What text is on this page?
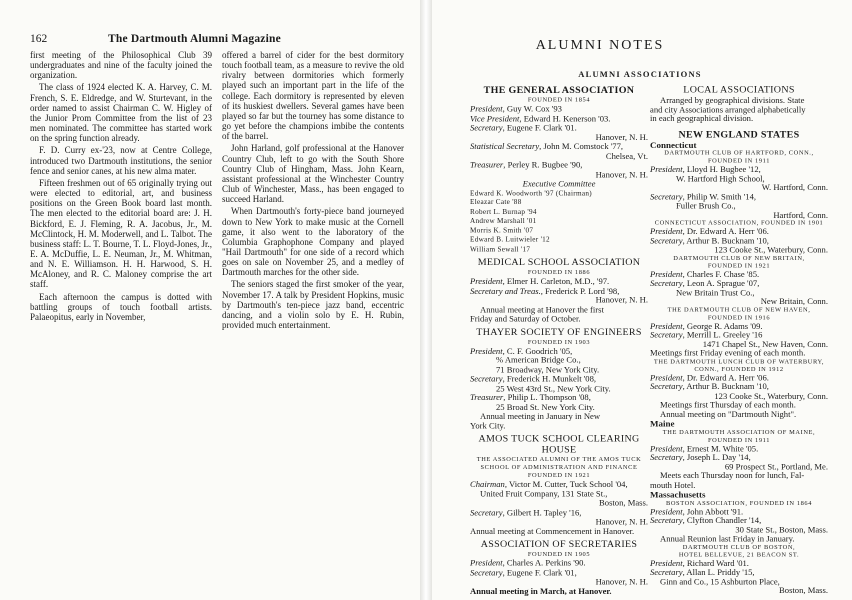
162	The Dartmouth Alumni Magazine

first meeting of the Philosophical Club 39 undergraduates and nine of the faculty joined the organization.

The class of 1924 elected K. A. Harvey, C. M. French, S. E. Eldredge, and W. Sturtevant, in the order named to assist Chairman C. W. Higley of the Junior Prom Committee from the list of 23 men nominated. The committee has started work on the spring function already.

F. D. Curry ex-'23, now at Centre College, introduced two Dartmouth institutions, the senior fence and senior canes, at his new alma mater.

Fifteen freshmen out of 65 originally trying out were elected to editorial, art, and business positions on the Green Book board last month. The men elected to the editorial board are: J. H. Bickford, E. J. Fleming, R. A. Jacobus, Jr., M. McClintock, H. M. Moderwell, and L. Talbot. The business staff: L. T. Bourne, T. L. Floyd-Jones, Jr., E. A. McDuffie, L. E. Neuman, Jr., M. Whitman, and N. E. Williamson. H. H. Harwood, S. H. McAloney, and R. C. Maloney comprise the art staff.

Each afternoon the campus is dotted with battling groups of touch football artists. Palaeopitus, early in November,

offered a barrel of cider for the best dormitory touch football team, as a measure to revive the old rivalry between dormitories which formerly played such an important part in the life of the college. Each dormitory is represented by eleven of its huskiest dwellers. Several games have been played so far but the tourney has some distance to go yet before the champions imbibe the contents of the barrel.

John Harland, golf professional at the Hanover Country Club, left to go with the South Shore Country Club of Hingham, Mass. John Kearn, assistant professional at the Winchester Country Club of Winchester, Mass., has been engaged to succeed Harland.

When Dartmouth's forty-piece band journeyed down to New York to make music at the Cornell game, it also went to the laboratory of the Columbia Graphophone Company and played "Hail Dartmouth" for one side of a record which goes on sale on November 25, and a medley of Dartmouth marches for the other side.

The seniors staged the first smoker of the year, November 17. A talk by President Hopkins, music by Dartmouth's ten-piece jazz band, eccentric dancing, and a violin solo by E. H. Rubin, provided much entertainment.

ALUMNI NOTES
ALUMNI ASSOCIATIONS
THE GENERAL ASSOCIATION
FOUNDED IN 1854
President, Guy W. Cox '93
Vice President, Edward H. Kenerson '03.
Secretary, Eugene F. Clark '01.
Hanover, N. H.
Statistical Secretary, John M. Comstock '77,
Chelsea, Vt.
Treasurer, Perley R. Bugbee '90,
Hanover, N. H.
Executive Committee
Edward K. Woodworth '97 (Chairman)
Eleazar Cate '88
Robert L. Burnap '94
Andrew Marshall '01
Morris K. Smith '07
Edward B. Luitwieler '12
William Sewall '17
MEDICAL SCHOOL ASSOCIATION
FOUNDED IN 1886
President, Elmer H. Carleton, M.D., '97.
Secretary and Treas., Frederick P. Lord '98,
Hanover, N. H.
Annual meeting at Hanover the first
Friday and Saturday of October.
THAYER SOCIETY OF ENGINEERS
FOUNDED IN 1903
President, C. F. Goodrich '05,
% American Bridge Co.,
71 Broadway, New York City.
Secretary, Frederick H. Munkelt '08,
25 West 43rd St., New York City.
Treasurer, Philip L. Thompson '08,
25 Broad St. New York City.
Annual meeting in January in New
York City.
AMOS TUCK SCHOOL CLEARING
HOUSE
THE ASSOCIATED ALUMNI OF THE AMOS TUCK
SCHOOL OF ADMINISTRATION AND FINANCE
FOUNDED IN 1921
Chairman, Victor M. Cutter, Tuck School '04,
United Fruit Company, 131 State St.,
Boston, Mass.
Secretary, Gilbert H. Tapley '16,
Hanover, N. H.
Annual meeting at Commencement in Hanover.
ASSOCIATION OF SECRETARIES
FOUNDED IN 1905
President, Charles A. Perkins '90.
Secretary, Eugene F. Clark '01,
Hanover, N. H.
Annual meeting in March, at Hanover.
LOCAL ASSOCIATIONS
Arranged by geographical divisions. State
and city Associations arranged alphabetically
in each geographical division.
NEW ENGLAND STATES
Connecticut
DARTMOUTH CLUB OF HARTFORD, CONN.,
FOUNDED IN 1911
President, Lloyd H. Bugbee '12,
W. Hartford High School,
W. Hartford, Conn.
Secretary, Philip W. Smith '14,
Fuller Brush Co.,
Hartford, Conn.
CONNECTICUT ASSOCIATION, FOUNDED IN 1901
President, Dr. Edward A. Herr '06.
Secretary, Arthur B. Bucknam '10,
123 Cooke St., Waterbury, Conn.
DARTMOUTH CLUB OF NEW BRITAIN,
FOUNDED IN 1921
President, Charles F. Chase '85.
Secretary, Leon A. Sprague '07,
New Britain Trust Co.,
New Britain, Conn.
THE DARTMOUTH CLUB OF NEW HAVEN,
FOUNDED IN 1916
President, George R. Adams '09.
Secretary, Merrill L. Greeley '16
1471 Chapel St., New Haven, Conn.
Meetings first Friday evening of each month.
THE DARTMOUTH LUNCH CLUB OF WATERBURY,
CONN., FOUNDED IN 1912
President, Dr. Edward A. Herr '06.
Secretary, Arthur B. Bucknam '10,
123 Cooke St., Waterbury, Conn.
Meetings first Thursday of each month.
Annual meeting on "Dartmouth Night".
Maine
THE DARTMOUTH ASSOCIATION OF MAINE,
FOUNDED IN 1911
President, Ernest M. White '05.
Secretary, Joseph L. Day '14,
69 Prospect St., Portland, Me.
Meets each Thursday noon for lunch, Fal-
mouth Hotel.
Massachusetts
BOSTON ASSOCIATION, FOUNDED IN 1864
President, John Abbott '91.
Secretary, Clyfton Chandler '14,
30 State St., Boston, Mass.
Annual Reunion last Friday in January.
DARTMOUTH CLUB OF BOSTON,
HOTEL BELLEVUE, 21 BEACON ST.
President, Richard Ward '01.
Secretary, Allan L. Priddy '15,
Ginn and Co., 15 Ashburton Place,
Boston, Mass.
